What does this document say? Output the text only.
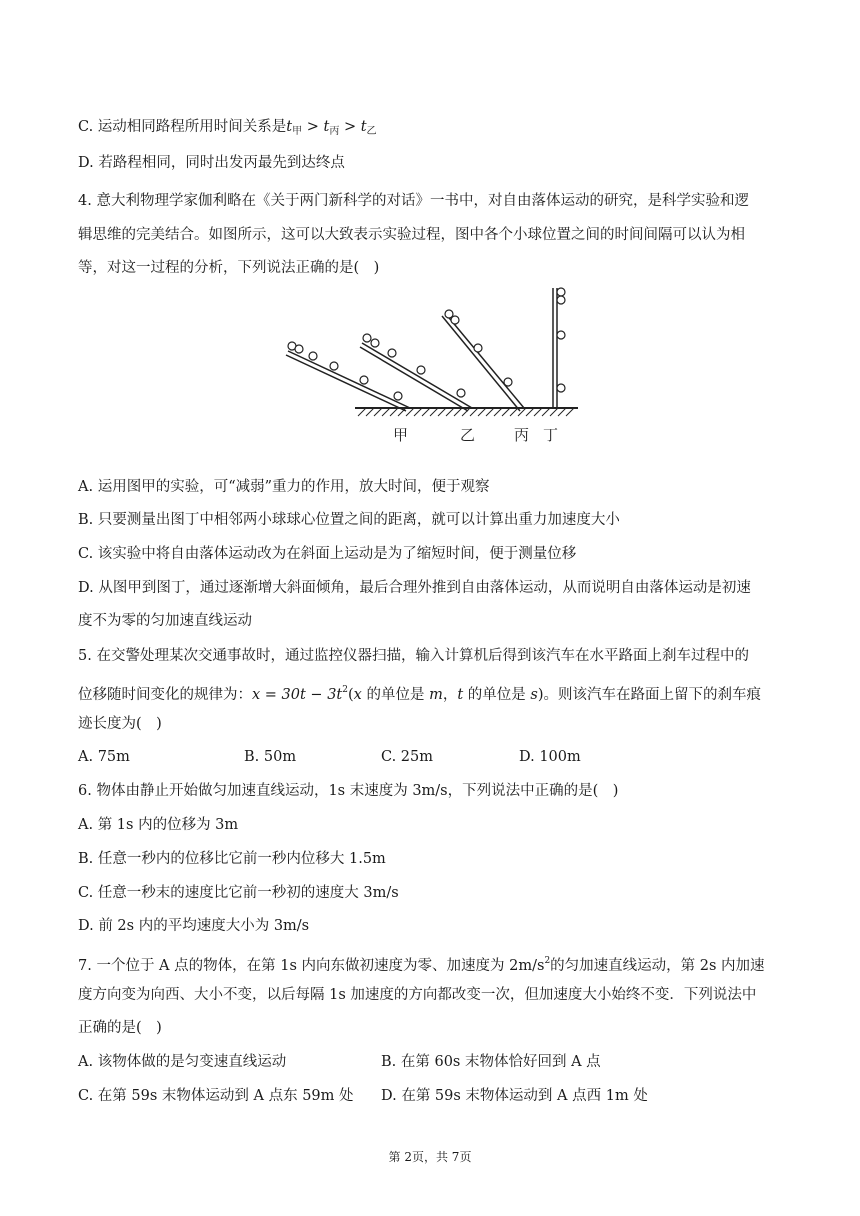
C. 运动相同路程所用时间关系是$t_甲 > t_丙 > t_乙$
D. 若路程相同，同时出发丙最先到达终点
4. 意大利物理学家伽利略在《关于两门新科学的对话》一书中，对自由落体运动的研究，是科学实验和逻
辑思维的完美结合。如图所示，这可以大致表示实验过程，图中各个小球位置之间的时间间隔可以认为相
等，对这一过程的分析，下列说法正确的是(　)
甲	乙	丙 丁
A. 运用图甲的实验，可“减弱”重力的作用，放大时间，便于观察
B. 只要测量出图丁中相邻两小球球心位置之间的距离，就可以计算出重力加速度大小
C. 该实验中将自由落体运动改为在斜面上运动是为了缩短时间，便于测量位移
D. 从图甲到图丁，通过逐渐增大斜面倾角，最后合理外推到自由落体运动，从而说明自由落体运动是初速
度不为零的匀加速直线运动
5. 在交警处理某次交通事故时，通过监控仪器扫描，输入计算机后得到该汽车在水平路面上刹车过程中的
位移随时间变化的规律为：$x = 30t - 3t^2(x$ 的单位是 m，t 的单位是 s)。则该汽车在路面上留下的刹车痕
迹长度为(　)
A. 75m	B. 50m	C. 25m	D. 100m
6. 物体由静止开始做匀加速直线运动，1s 末速度为 3m/s，下列说法中正确的是(　)
A. 第 1s 内的位移为 3m
B. 任意一秒内的位移比它前一秒内位移大 1.5m
C. 任意一秒末的速度比它前一秒初的速度大 3m/s
D. 前 2s 内的平均速度大小为 3m/s
7. 一个位于 A 点的物体，在第 1s 内向东做初速度为零、加速度为 $2m/s^2$的匀加速直线运动，第 2s 内加速
度方向变为向西、大小不变，以后每隔 1s 加速度的方向都改变一次，但加速度大小始终不变．下列说法中
正确的是(　)
A. 该物体做的是匀变速直线运动	B. 在第 60s 末物体恰好回到 A 点
C. 在第 59s 末物体运动到 A 点东 59m 处 D. 在第 59s 末物体运动到 A 点西 1m 处
第 2页，共 7页
